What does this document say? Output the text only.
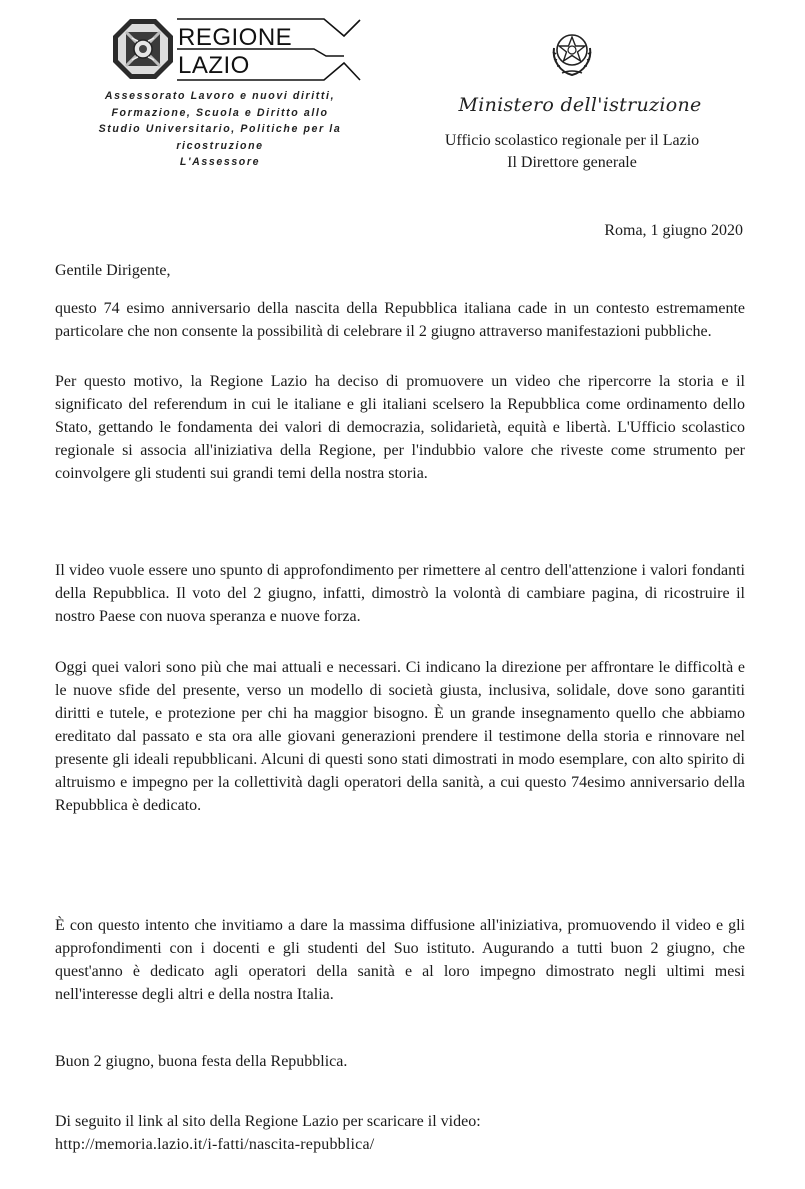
REGIONE
LAZIO
Assessorato Lavoro e nuovi diritti,
Formazione, Scuola e Diritto allo
Studio Universitario, Politiche per la
ricostruzione
L'Assessore
Ministero dell'istruzione
Ufficio scolastico regionale per il Lazio
Il Direttore generale
Roma, 1 giugno 2020

Gentile Dirigente,

questo 74 esimo anniversario della nascita della Repubblica italiana cade in un contesto estremamente particolare che non consente la possibilità di celebrare il 2 giugno attraverso manifestazioni pubbliche.

Per questo motivo, la Regione Lazio ha deciso di promuovere un video che ripercorre la storia e il significato del referendum in cui le italiane e gli italiani scelsero la Repubblica come ordinamento dello Stato, gettando le fondamenta dei valori di democrazia, solidarietà, equità e libertà. L'Ufficio scolastico regionale si associa all'iniziativa della Regione, per l'indubbio valore che riveste come strumento per coinvolgere gli studenti sui grandi temi della nostra storia.

Il video vuole essere uno spunto di approfondimento per rimettere al centro dell'attenzione i valori fondanti della Repubblica. Il voto del 2 giugno, infatti, dimostrò la volontà di cambiare pagina, di ricostruire il nostro Paese con nuova speranza e nuove forza.

Oggi quei valori sono più che mai attuali e necessari. Ci indicano la direzione per affrontare le difficoltà e le nuove sfide del presente, verso un modello di società giusta, inclusiva, solidale, dove sono garantiti diritti e tutele, e protezione per chi ha maggior bisogno. È un grande insegnamento quello che abbiamo ereditato dal passato e sta ora alle giovani generazioni prendere il testimone della storia e rinnovare nel presente gli ideali repubblicani. Alcuni di questi sono stati dimostrati in modo esemplare, con alto spirito di altruismo e impegno per la collettività dagli operatori della sanità, a cui questo 74esimo anniversario della Repubblica è dedicato.

È con questo intento che invitiamo a dare la massima diffusione all'iniziativa, promuovendo il video e gli approfondimenti con i docenti e gli studenti del Suo istituto. Augurando a tutti buon 2 giugno, che quest'anno è dedicato agli operatori della sanità e al loro impegno dimostrato negli ultimi mesi nell'interesse degli altri e della nostra Italia.

Buon 2 giugno, buona festa della Repubblica.

Di seguito il link al sito della Regione Lazio per scaricare il video:
http://memoria.lazio.it/i-fatti/nascita-repubblica/
